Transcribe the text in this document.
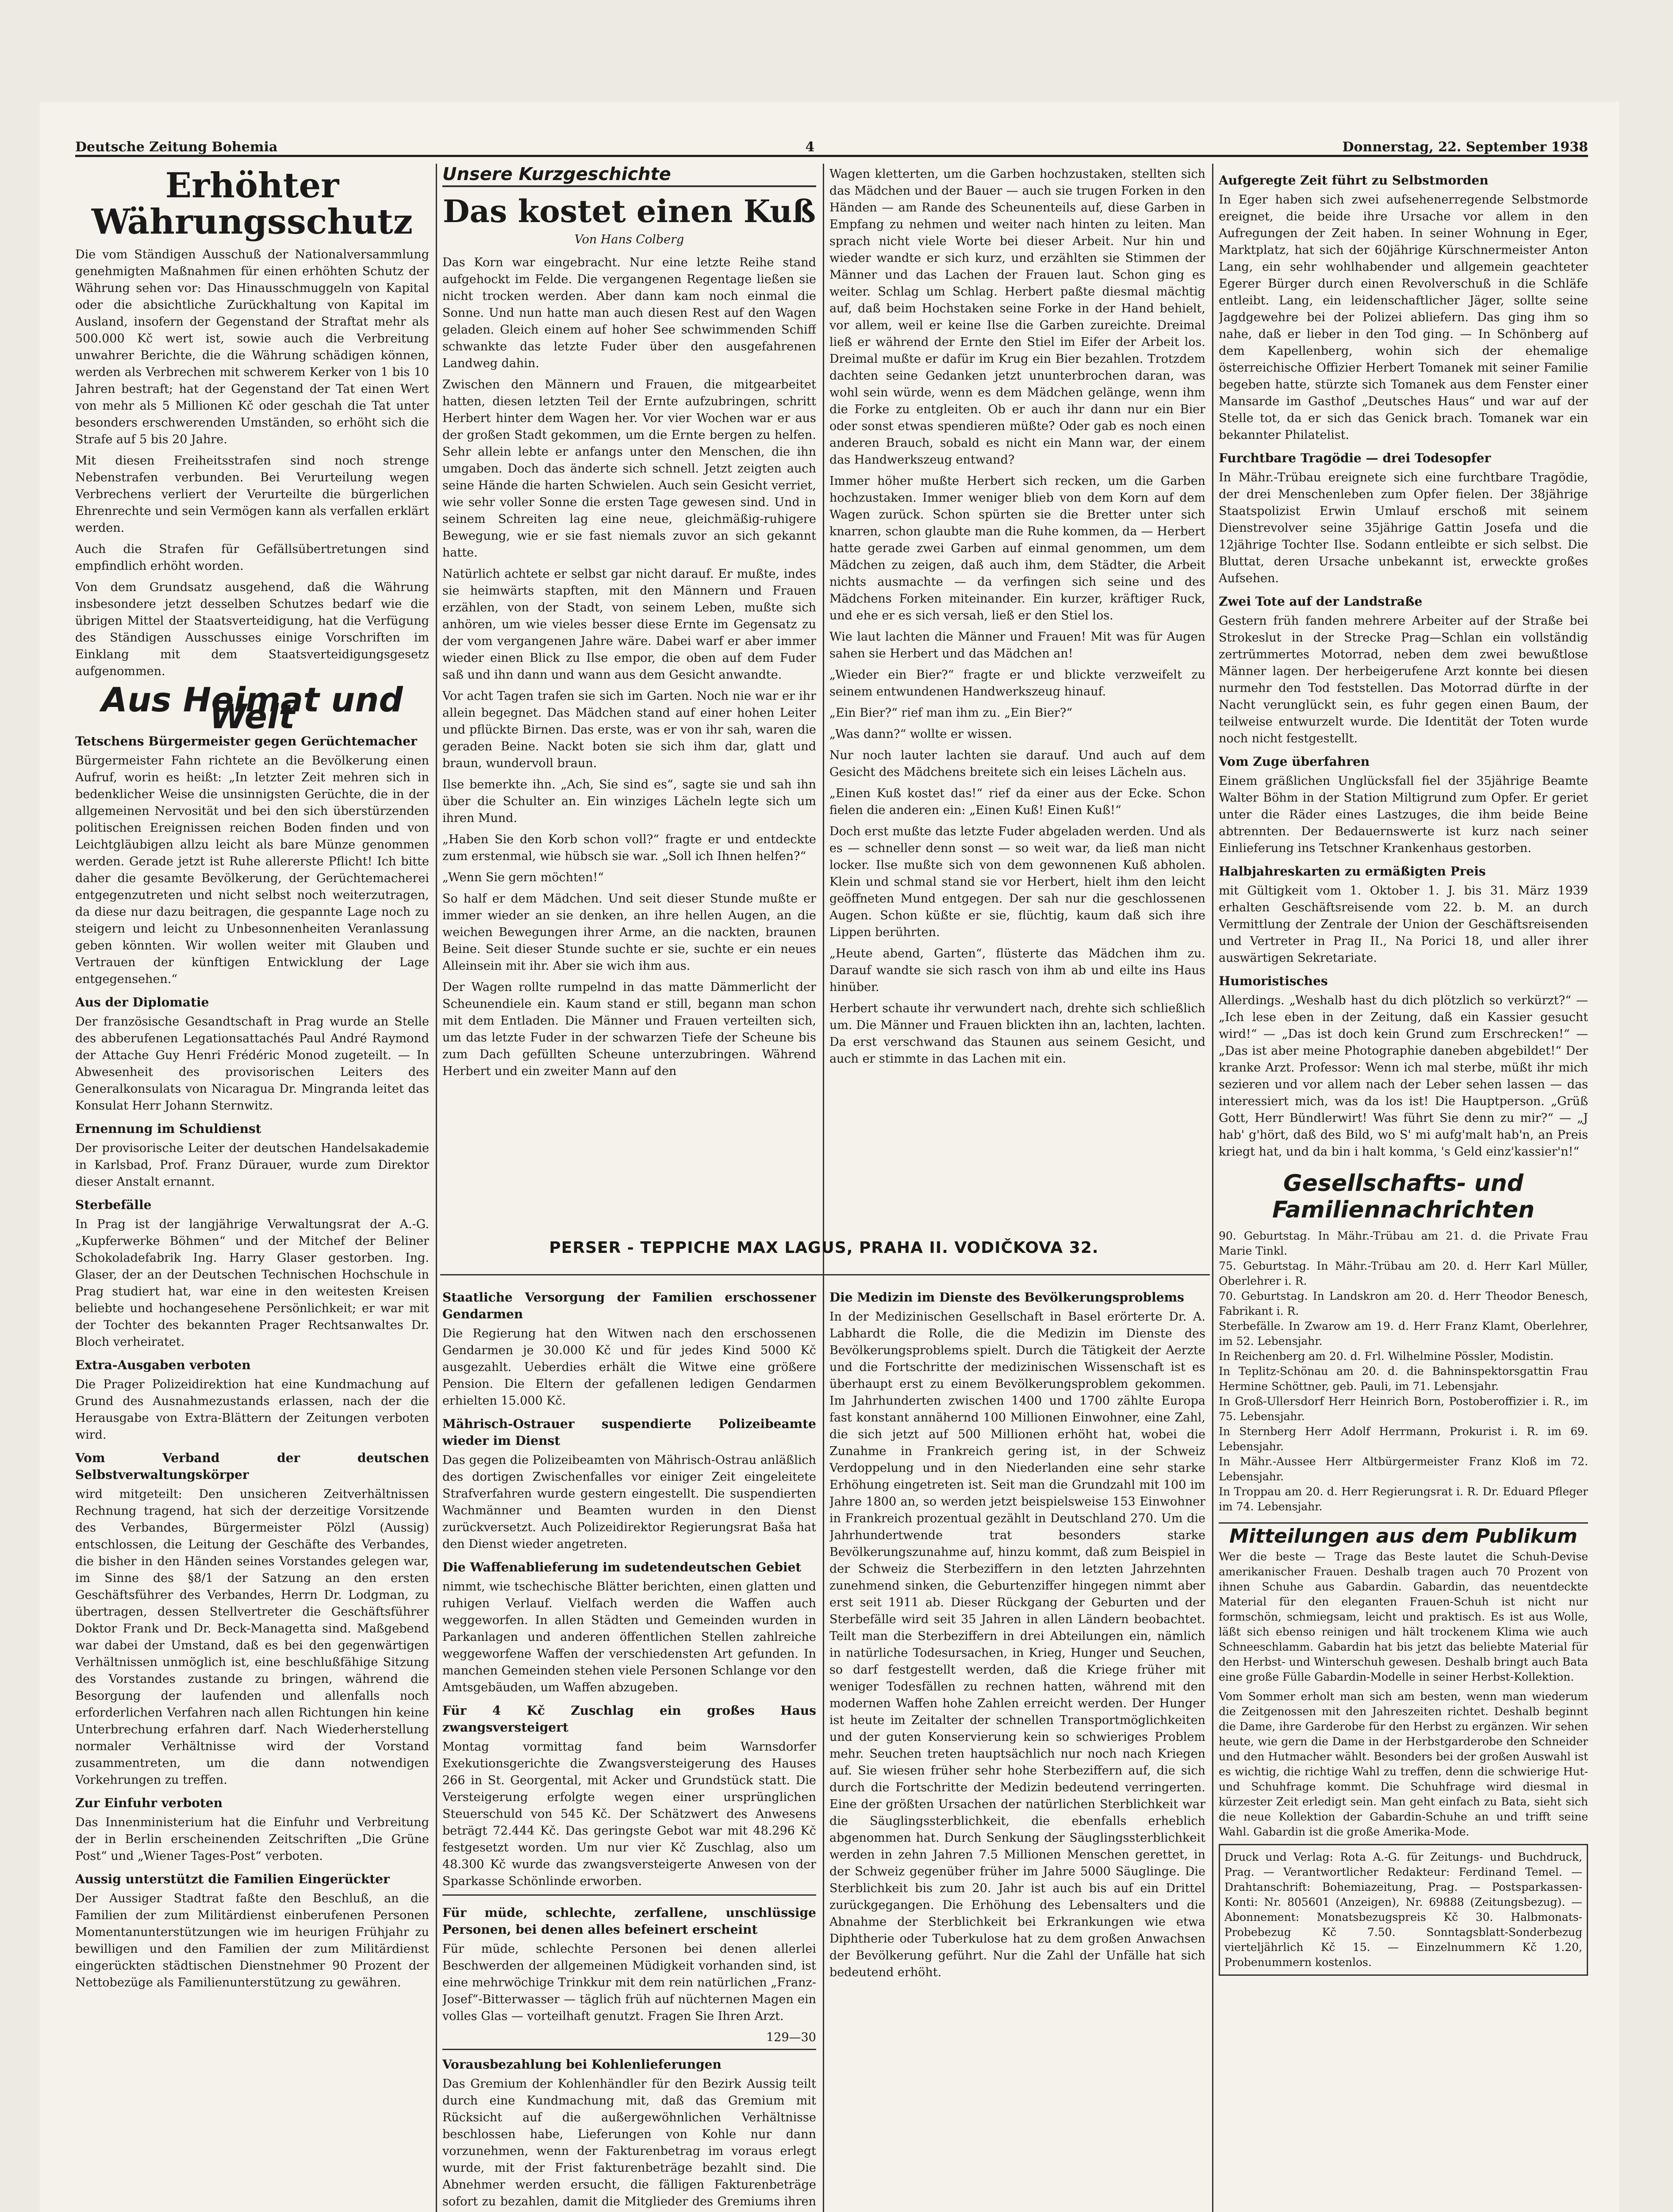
Deutsche Zeitung Bohemia	4	Donnerstag, 22. September 1938
Erhöhter Währungsschutz

Die vom Ständigen Ausschuß der Nationalversammlung genehmigten Maßnahmen für einen erhöhten Schutz der Währung sehen vor: Das Hinausschmuggeln von Kapital oder die absichtliche Zurückhaltung von Kapital im Ausland, insofern der Gegenstand der Straftat mehr als 500.000 Kč wert ist, sowie auch die Verbreitung unwahrer Berichte, die die Währung schädigen können, werden als Verbrechen mit schwerem Kerker von 1 bis 10 Jahren bestraft; hat der Gegenstand der Tat einen Wert von mehr als 5 Millionen Kč oder geschah die Tat unter besonders erschwerenden Umständen, so erhöht sich die Strafe auf 5 bis 20 Jahre.

Mit diesen Freiheitsstrafen sind noch strenge Nebenstrafen verbunden. Bei Verurteilung wegen Verbrechens verliert der Verurteilte die bürgerlichen Ehrenrechte und sein Vermögen kann als verfallen erklärt werden.

Auch die Strafen für Gefällsübertretungen sind empfindlich erhöht worden.

Von dem Grundsatz ausgehend, daß die Währung insbesondere jetzt desselben Schutzes bedarf wie die übrigen Mittel der Staatsverteidigung, hat die Verfügung des Ständigen Ausschusses einige Vorschriften im Einklang mit dem Staatsverteidigungsgesetz aufgenommen.

Aus Heimat und Welt
Tetschens Bürgermeister gegen Gerüchtemacher

Bürgermeister Fahn richtete an die Bevölkerung einen Aufruf, worin es heißt: „In letzter Zeit mehren sich in bedenklicher Weise die unsinnigsten Gerüchte, die in der allgemeinen Nervosität und bei den sich überstürzenden politischen Ereignissen reichen Boden finden und von Leichtgläubigen allzu leicht als bare Münze genommen werden. Gerade jetzt ist Ruhe allererste Pflicht! Ich bitte daher die gesamte Bevölkerung, der Gerüchtemacherei entgegenzutreten und nicht selbst noch weiterzutragen, da diese nur dazu beitragen, die gespannte Lage noch zu steigern und leicht zu Unbesonnenheiten Veranlassung geben könnten. Wir wollen weiter mit Glauben und Vertrauen der künftigen Entwicklung der Lage entgegensehen.“

Aus der Diplomatie

Der französische Gesandtschaft in Prag wurde an Stelle des abberufenen Legationsattachés Paul André Raymond der Attache Guy Henri Frédéric Monod zugeteilt. — In Abwesenheit des provisorischen Leiters des Generalkonsulats von Nicaragua Dr. Mingranda leitet das Konsulat Herr Johann Sternwitz.

Ernennung im Schuldienst

Der provisorische Leiter der deutschen Handelsakademie in Karlsbad, Prof. Franz Dürauer, wurde zum Direktor dieser Anstalt ernannt.

Sterbefälle

In Prag ist der langjährige Verwaltungsrat der A.-G. „Kupferwerke Böhmen“ und der Mitchef der Beliner Schokoladefabrik Ing. Harry Glaser gestorben. Ing. Glaser, der an der Deutschen Technischen Hochschule in Prag studiert hat, war eine in den weitesten Kreisen beliebte und hochangesehene Persönlichkeit; er war mit der Tochter des bekannten Prager Rechtsanwaltes Dr. Bloch verheiratet.

Extra-Ausgaben verboten

Die Prager Polizeidirektion hat eine Kundmachung auf Grund des Ausnahmezustands erlassen, nach der die Herausgabe von Extra-Blättern der Zeitungen verboten wird.

Vom Verband der deutschen Selbstverwaltungskörper

wird mitgeteilt: Den unsicheren Zeitverhältnissen Rechnung tragend, hat sich der derzeitige Vorsitzende des Verbandes, Bürgermeister Pölzl (Aussig) entschlossen, die Leitung der Geschäfte des Verbandes, die bisher in den Händen seines Vorstandes gelegen war, im Sinne des §8/1 der Satzung an den ersten Geschäftsführer des Verbandes, Herrn Dr. Lodgman, zu übertragen, dessen Stellvertreter die Geschäftsführer Doktor Frank und Dr. Beck-Managetta sind. Maßgebend war dabei der Umstand, daß es bei den gegenwärtigen Verhältnissen unmöglich ist, eine beschlußfähige Sitzung des Vorstandes zustande zu bringen, während die Besorgung der laufenden und allenfalls noch erforderlichen Verfahren nach allen Richtungen hin keine Unterbrechung erfahren darf. Nach Wiederherstellung normaler Verhältnisse wird der Vorstand zusammentreten, um die dann notwendigen Vorkehrungen zu treffen.

Zur Einfuhr verboten

Das Innenministerium hat die Einfuhr und Verbreitung der in Berlin erscheinenden Zeitschriften „Die Grüne Post“ und „Wiener Tages-Post“ verboten.

Aussig unterstützt die Familien Eingerückter

Der Aussiger Stadtrat faßte den Beschluß, an die Familien der zum Militärdienst einberufenen Personen Momentanunterstützungen wie im heurigen Frühjahr zu bewilligen und den Familien der zum Militärdienst eingerückten städtischen Dienstnehmer 90 Prozent der Nettobezüge als Familienunterstützung zu gewähren.

Unsere Kurzgeschichte
Das kostet einen Kuß
Von Hans Colberg

Das Korn war eingebracht. Nur eine letzte Reihe stand aufgehockt im Felde. Die vergangenen Regentage ließen sie nicht trocken werden. Aber dann kam noch einmal die Sonne. Und nun hatte man auch diesen Rest auf den Wagen geladen. Gleich einem auf hoher See schwimmenden Schiff schwankte das letzte Fuder über den ausgefahrenen Landweg dahin.

Zwischen den Männern und Frauen, die mitgearbeitet hatten, diesen letzten Teil der Ernte aufzubringen, schritt Herbert hinter dem Wagen her. Vor vier Wochen war er aus der großen Stadt gekommen, um die Ernte bergen zu helfen. Sehr allein lebte er anfangs unter den Menschen, die ihn umgaben. Doch das änderte sich schnell. Jetzt zeigten auch seine Hände die harten Schwielen. Auch sein Gesicht verriet, wie sehr voller Sonne die ersten Tage gewesen sind. Und in seinem Schreiten lag eine neue, gleichmäßig-ruhigere Bewegung, wie er sie fast niemals zuvor an sich gekannt hatte.

Natürlich achtete er selbst gar nicht darauf. Er mußte, indes sie heimwärts stapften, mit den Männern und Frauen erzählen, von der Stadt, von seinem Leben, mußte sich anhören, um wie vieles besser diese Ernte im Gegensatz zu der vom vergangenen Jahre wäre. Dabei warf er aber immer wieder einen Blick zu Ilse empor, die oben auf dem Fuder saß und ihn dann und wann aus dem Gesicht anwandte.

Vor acht Tagen trafen sie sich im Garten. Noch nie war er ihr allein begegnet. Das Mädchen stand auf einer hohen Leiter und pflückte Birnen. Das erste, was er von ihr sah, waren die geraden Beine. Nackt boten sie sich ihm dar, glatt und braun, wundervoll braun.

Ilse bemerkte ihn. „Ach, Sie sind es“, sagte sie und sah ihn über die Schulter an. Ein winziges Lächeln legte sich um ihren Mund.

„Haben Sie den Korb schon voll?“ fragte er und entdeckte zum erstenmal, wie hübsch sie war. „Soll ich Ihnen helfen?“

„Wenn Sie gern möchten!“

So half er dem Mädchen. Und seit dieser Stunde mußte er immer wieder an sie denken, an ihre hellen Augen, an die weichen Bewegungen ihrer Arme, an die nackten, braunen Beine. Seit dieser Stunde suchte er sie, suchte er ein neues Alleinsein mit ihr. Aber sie wich ihm aus.

Der Wagen rollte rumpelnd in das matte Dämmerlicht der Scheunendiele ein. Kaum stand er still, begann man schon mit dem Entladen. Die Männer und Frauen verteilten sich, um das letzte Fuder in der schwarzen Tiefe der Scheune bis zum Dach gefüllten Scheune unterzubringen. Während Herbert und ein zweiter Mann auf den

Wagen kletterten, um die Garben hochzustaken, stellten sich das Mädchen und der Bauer — auch sie trugen Forken in den Händen — am Rande des Scheunenteils auf, diese Garben in Empfang zu nehmen und weiter nach hinten zu leiten. Man sprach nicht viele Worte bei dieser Arbeit. Nur hin und wieder wandte er sich kurz, und erzählten sie Stimmen der Männer und das Lachen der Frauen laut. Schon ging es weiter. Schlag um Schlag. Herbert paßte diesmal mächtig auf, daß beim Hochstaken seine Forke in der Hand behielt, vor allem, weil er keine Ilse die Garben zureichte. Dreimal ließ er während der Ernte den Stiel im Eifer der Arbeit los. Dreimal mußte er dafür im Krug ein Bier bezahlen. Trotzdem dachten seine Gedanken jetzt ununterbrochen daran, was wohl sein würde, wenn es dem Mädchen gelänge, wenn ihm die Forke zu entgleiten. Ob er auch ihr dann nur ein Bier oder sonst etwas spendieren müßte? Oder gab es noch einen anderen Brauch, sobald es nicht ein Mann war, der einem das Handwerkszeug entwand?

Immer höher mußte Herbert sich recken, um die Garben hochzustaken. Immer weniger blieb von dem Korn auf dem Wagen zurück. Schon spürten sie die Bretter unter sich knarren, schon glaubte man die Ruhe kommen, da — Herbert hatte gerade zwei Garben auf einmal genommen, um dem Mädchen zu zeigen, daß auch ihm, dem Städter, die Arbeit nichts ausmachte — da verfingen sich seine und des Mädchens Forken miteinander. Ein kurzer, kräftiger Ruck, und ehe er es sich versah, ließ er den Stiel los.

Wie laut lachten die Männer und Frauen! Mit was für Augen sahen sie Herbert und das Mädchen an!

„Wieder ein Bier?“ fragte er und blickte verzweifelt zu seinem entwundenen Handwerkszeug hinauf.

„Ein Bier?“ rief man ihm zu. „Ein Bier?“

„Was dann?“ wollte er wissen.

Nur noch lauter lachten sie darauf. Und auch auf dem Gesicht des Mädchens breitete sich ein leises Lächeln aus.

„Einen Kuß kostet das!“ rief da einer aus der Ecke. Schon fielen die anderen ein: „Einen Kuß! Einen Kuß!“

Doch erst mußte das letzte Fuder abgeladen werden. Und als es — schneller denn sonst — so weit war, da ließ man nicht locker. Ilse mußte sich von dem gewonnenen Kuß abholen. Klein und schmal stand sie vor Herbert, hielt ihm den leicht geöffneten Mund entgegen. Der sah nur die geschlossenen Augen. Schon küßte er sie, flüchtig, kaum daß sich ihre Lippen berührten.

„Heute abend, Garten“, flüsterte das Mädchen ihm zu. Darauf wandte sie sich rasch von ihm ab und eilte ins Haus hinüber.

Herbert schaute ihr verwundert nach, drehte sich schließlich um. Die Männer und Frauen blickten ihn an, lachten, lachten. Da erst verschwand das Staunen aus seinem Gesicht, und auch er stimmte in das Lachen mit ein.

PERSER - TEPPICHE MAX LAGUS, PRAHA II. VODIČKOVA 32.
Staatliche Versorgung der Familien erschossener Gendarmen

Die Regierung hat den Witwen nach den erschossenen Gendarmen je 30.000 Kč und für jedes Kind 5000 Kč ausgezahlt. Ueberdies erhält die Witwe eine größere Pension. Die Eltern der gefallenen ledigen Gendarmen erhielten 15.000 Kč.

Mährisch-Ostrauer suspendierte Polizeibeamte wieder im Dienst

Das gegen die Polizeibeamten von Mährisch-Ostrau anläßlich des dortigen Zwischenfalles vor einiger Zeit eingeleitete Strafverfahren wurde gestern eingestellt. Die suspendierten Wachmänner und Beamten wurden in den Dienst zurückversetzt. Auch Polizeidirektor Regierungsrat Baša hat den Dienst wieder angetreten.

Die Waffenablieferung im sudetendeutschen Gebiet

nimmt, wie tschechische Blätter berichten, einen glatten und ruhigen Verlauf. Vielfach werden die Waffen auch weggeworfen. In allen Städten und Gemeinden wurden in Parkanlagen und anderen öffentlichen Stellen zahlreiche weggeworfene Waffen der verschiedensten Art gefunden. In manchen Gemeinden stehen viele Personen Schlange vor den Amtsgebäuden, um Waffen abzugeben.

Für 4 Kč Zuschlag ein großes Haus zwangsversteigert

Montag vormittag fand beim Warnsdorfer Exekutionsgerichte die Zwangsversteigerung des Hauses 266 in St. Georgental, mit Acker und Grundstück statt. Die Versteigerung erfolgte wegen einer ursprünglichen Steuerschuld von 545 Kč. Der Schätzwert des Anwesens beträgt 72.444 Kč. Das geringste Gebot war mit 48.296 Kč festgesetzt worden. Um nur vier Kč Zuschlag, also um 48.300 Kč wurde das zwangsversteigerte Anwesen von der Sparkasse Schönlinde erworben.

Für müde, schlechte, zerfallene, unschlüssige Personen, bei denen alles befeinert erscheint

Für müde, schlechte Personen bei denen allerlei Beschwerden der allgemeinen Müdigkeit vorhanden sind, ist eine mehrwöchige Trinkkur mit dem rein natürlichen „Franz-Josef“-Bitterwasser — täglich früh auf nüchternen Magen ein volles Glas — vorteilhaft genutzt. Fragen Sie Ihren Arzt.

129—30
Vorausbezahlung bei Kohlenlieferungen

Das Gremium der Kohlenhändler für den Bezirk Aussig teilt durch eine Kundmachung mit, daß das Gremium mit Rücksicht auf die außergewöhnlichen Verhältnisse beschlossen habe, Lieferungen von Kohle nur dann vorzunehmen, wenn der Fakturenbetrag im voraus erlegt wurde, mit der Frist fakturenbeträge bezahlt sind. Die Abnehmer werden ersucht, die fälligen Fakturenbeträge sofort zu bezahlen, damit die Mitglieder des Gremiums ihren

Die Medizin im Dienste des Bevölkerungsproblems

In der Medizinischen Gesellschaft in Basel erörterte Dr. A. Labhardt die Rolle, die die Medizin im Dienste des Bevölkerungsproblems spielt. Durch die Tätigkeit der Aerzte und die Fortschritte der medizinischen Wissenschaft ist es überhaupt erst zu einem Bevölkerungsproblem gekommen. Im Jahrhunderten zwischen 1400 und 1700 zählte Europa fast konstant annähernd 100 Millionen Einwohner, eine Zahl, die sich jetzt auf 500 Millionen erhöht hat, wobei die Zunahme in Frankreich gering ist, in der Schweiz Verdoppelung und in den Niederlanden eine sehr starke Erhöhung eingetreten ist. Seit man die Grundzahl mit 100 im Jahre 1800 an, so werden jetzt beispielsweise 153 Einwohner in Frankreich prozentual gezählt in Deutschland 270. Um die Jahrhundertwende trat besonders starke Bevölkerungszunahme auf, hinzu kommt, daß zum Beispiel in der Schweiz die Sterbeziffern in den letzten Jahrzehnten zunehmend sinken, die Geburtenziffer hingegen nimmt aber erst seit 1911 ab. Dieser Rückgang der Geburten und der Sterbefälle wird seit 35 Jahren in allen Ländern beobachtet. Teilt man die Sterbeziffern in drei Abteilungen ein, nämlich in natürliche Todesursachen, in Krieg, Hunger und Seuchen, so darf festgestellt werden, daß die Kriege früher mit weniger Todesfällen zu rechnen hatten, während mit den modernen Waffen hohe Zahlen erreicht werden. Der Hunger ist heute im Zeitalter der schnellen Transportmöglichkeiten und der guten Konservierung kein so schwieriges Problem mehr. Seuchen treten hauptsächlich nur noch nach Kriegen auf. Sie wiesen früher sehr hohe Sterbeziffern auf, die sich durch die Fortschritte der Medizin bedeutend verringerten. Eine der größten Ursachen der natürlichen Sterblichkeit war die Säuglingssterblichkeit, die ebenfalls erheblich abgenommen hat. Durch Senkung der Säuglingssterblichkeit werden in zehn Jahren 7.5 Millionen Menschen gerettet, in der Schweiz gegenüber früher im Jahre 5000 Säuglinge. Die Sterblichkeit bis zum 20. Jahr ist auch bis auf ein Drittel zurückgegangen. Die Erhöhung des Lebensalters und die Abnahme der Sterblichkeit bei Erkrankungen wie etwa Diphtherie oder Tuberkulose hat zu dem großen Anwachsen der Bevölkerung geführt. Nur die Zahl der Unfälle hat sich bedeutend erhöht.

Aufgeregte Zeit führt zu Selbstmorden

In Eger haben sich zwei aufsehenerregende Selbstmorde ereignet, die beide ihre Ursache vor allem in den Aufregungen der Zeit haben. In seiner Wohnung in Eger, Marktplatz, hat sich der 60jährige Kürschnermeister Anton Lang, ein sehr wohlhabender und allgemein geachteter Egerer Bürger durch einen Revolverschuß in die Schläfe entleibt. Lang, ein leidenschaftlicher Jäger, sollte seine Jagdgewehre bei der Polizei abliefern. Das ging ihm so nahe, daß er lieber in den Tod ging. — In Schönberg auf dem Kapellenberg, wohin sich der ehemalige österreichische Offizier Herbert Tomanek mit seiner Familie begeben hatte, stürzte sich Tomanek aus dem Fenster einer Mansarde im Gasthof „Deutsches Haus“ und war auf der Stelle tot, da er sich das Genick brach. Tomanek war ein bekannter Philatelist.

Furchtbare Tragödie — drei Todesopfer

In Mähr.-Trübau ereignete sich eine furchtbare Tragödie, der drei Menschenleben zum Opfer fielen. Der 38jährige Staatspolizist Erwin Umlauf erschoß mit seinem Dienstrevolver seine 35jährige Gattin Josefa und die 12jährige Tochter Ilse. Sodann entleibte er sich selbst. Die Bluttat, deren Ursache unbekannt ist, erweckte großes Aufsehen.

Zwei Tote auf der Landstraße

Gestern früh fanden mehrere Arbeiter auf der Straße bei Strokeslut in der Strecke Prag—Schlan ein vollständig zertrümmertes Motorrad, neben dem zwei bewußtlose Männer lagen. Der herbeigerufene Arzt konnte bei diesen nurmehr den Tod feststellen. Das Motorrad dürfte in der Nacht verunglückt sein, es fuhr gegen einen Baum, der teilweise entwurzelt wurde. Die Identität der Toten wurde noch nicht festgestellt.

Vom Zuge überfahren

Einem gräßlichen Unglücksfall fiel der 35jährige Beamte Walter Böhm in der Station Miltigrund zum Opfer. Er geriet unter die Räder eines Lastzuges, die ihm beide Beine abtrennten. Der Bedauernswerte ist kurz nach seiner Einlieferung ins Tetschner Krankenhaus gestorben.

Halbjahreskarten zu ermäßigten Preis

mit Gültigkeit vom 1. Oktober 1. J. bis 31. März 1939 erhalten Geschäftsreisende vom 22. b. M. an durch Vermittlung der Zentrale der Union der Geschäftsreisenden und Vertreter in Prag II., Na Porici 18, und aller ihrer auswärtigen Sekretariate.

Humoristisches

Allerdings. „Weshalb hast du dich plötzlich so verkürzt?“ — „Ich lese eben in der Zeitung, daß ein Kassier gesucht wird!“ — „Das ist doch kein Grund zum Erschrecken!“ — „Das ist aber meine Photographie daneben abgebildet!“ Der kranke Arzt. Professor: Wenn ich mal sterbe, müßt ihr mich sezieren und vor allem nach der Leber sehen lassen — das interessiert mich, was da los ist! Die Hauptperson. „Grüß Gott, Herr Bündlerwirt! Was führt Sie denn zu mir?“ — „J hab' g'hört, daß des Bild, wo S' mi aufg'malt hab'n, an Preis kriegt hat, und da bin i halt komma, 's Geld einz'kassier'n!“

Gesellschafts- und Familiennachrichten
90. Geburtstag. In Mähr.-Trübau am 21. d. die Private Frau Marie Tinkl.
75. Geburtstag. In Mähr.-Trübau am 20. d. Herr Karl Müller, Oberlehrer i. R.
70. Geburtstag. In Landskron am 20. d. Herr Theodor Benesch, Fabrikant i. R.
Sterbefälle. In Zwarow am 19. d. Herr Franz Klamt, Oberlehrer, im 52. Lebensjahr.
In Reichenberg am 20. d. Frl. Wilhelmine Pössler, Modistin.
In Teplitz-Schönau am 20. d. die Bahninspektorsgattin Frau Hermine Schöttner, geb. Pauli, im 71. Lebensjahr.
In Groß-Ullersdorf Herr Heinrich Born, Postoberoffizier i. R., im 75. Lebensjahr.
In Sternberg Herr Adolf Herrmann, Prokurist i. R. im 69. Lebensjahr.
In Mähr.-Aussee Herr Altbürgermeister Franz Kloß im 72. Lebensjahr.
In Troppau am 20. d. Herr Regierungsrat i. R. Dr. Eduard Pfleger im 74. Lebensjahr.
Mitteilungen aus dem Publikum

Wer die beste — Trage das Beste lautet die Schuh-Devise amerikanischer Frauen. Deshalb tragen auch 70 Prozent von ihnen Schuhe aus Gabardin. Gabardin, das neuentdeckte Material für den eleganten Frauen-Schuh ist nicht nur formschön, schmiegsam, leicht und praktisch. Es ist aus Wolle, läßt sich ebenso reinigen und hält trockenem Klima wie auch Schneeschlamm. Gabardin hat bis jetzt das beliebte Material für den Herbst- und Winterschuh gewesen. Deshalb bringt auch Bata eine große Fülle Gabardin-Modelle in seiner Herbst-Kollektion.

Vom Sommer erholt man sich am besten, wenn man wiederum die Zeitgenossen mit den Jahreszeiten richtet. Deshalb beginnt die Dame, ihre Garderobe für den Herbst zu ergänzen. Wir sehen heute, wie gern die Dame in der Herbstgarderobe den Schneider und den Hutmacher wählt. Besonders bei der großen Auswahl ist es wichtig, die richtige Wahl zu treffen, denn die schwierige Hut- und Schuhfrage kommt. Die Schuhfrage wird diesmal in kürzester Zeit erledigt sein. Man geht einfach zu Bata, sieht sich die neue Kollektion der Gabardin-Schuhe an und trifft seine Wahl. Gabardin ist die große Amerika-Mode.

Druck und Verlag: Rota A.-G. für Zeitungs- und Buchdruck, Prag. — Verantwortlicher Redakteur: Ferdinand Temel. — Drahtanschrift: Bohemiazeitung, Prag. — Postsparkassen-Konti: Nr. 805601 (Anzeigen), Nr. 69888 (Zeitungsbezug). — Abonnement: Monatsbezugspreis Kč 30. Halbmonats-Probebezug Kč 7.50. Sonntagsblatt-Sonderbezug vierteljährlich Kč 15. — Einzelnummern Kč 1.20, Probenummern kostenlos.
